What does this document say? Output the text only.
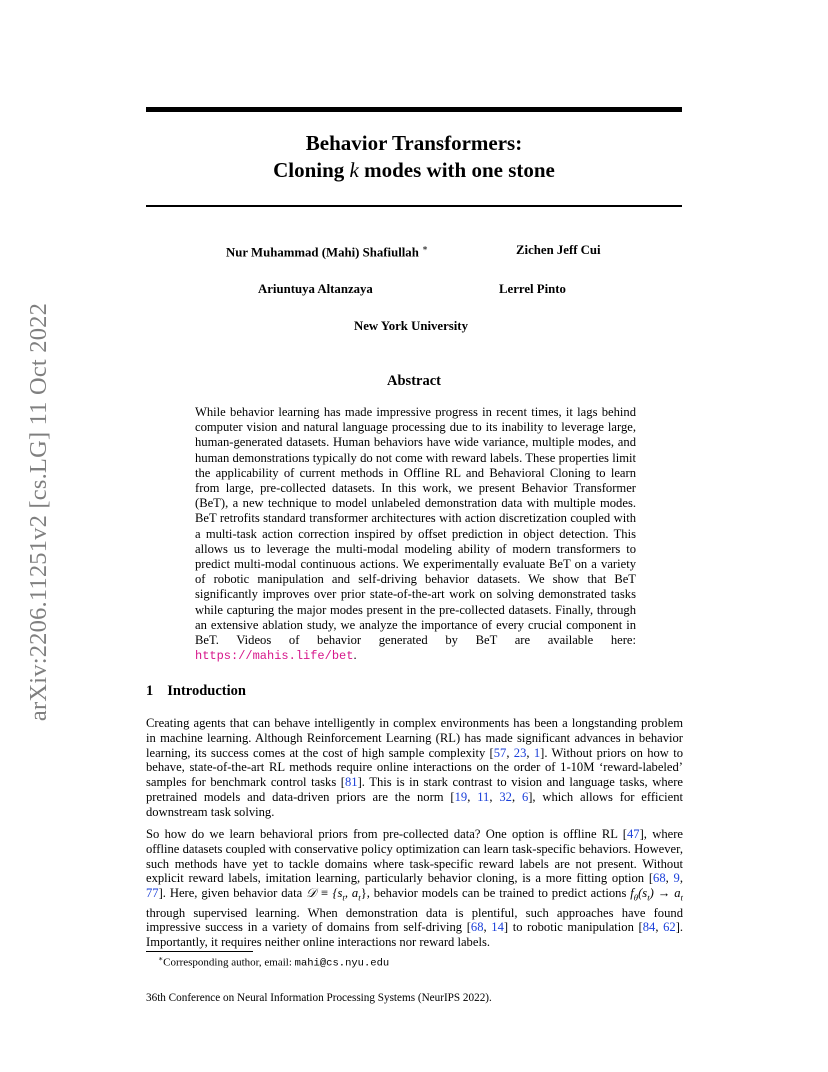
arXiv:2206.11251v2 [cs.LG] 11 Oct 2022
Behavior Transformers:
Cloning k modes with one stone
Nur Muhammad (Mahi) Shafiullah ∗	Zichen Jeff Cui
Ariuntuya Altanzaya	Lerrel Pinto
New York University
Abstract
While behavior learning has made impressive progress in recent times, it lags behind computer vision and natural language processing due to its inability to leverage large, human-generated datasets. Human behaviors have wide variance, multiple modes, and human demonstrations typically do not come with reward labels. These properties limit the applicability of current methods in Offline RL and Behavioral Cloning to learn from large, pre-collected datasets. In this work, we present Behavior Transformer (BeT), a new technique to model unlabeled demonstration data with multiple modes. BeT retrofits standard transformer architectures with action discretization coupled with a multi-task action correction inspired by offset prediction in object detection. This allows us to leverage the multi-modal modeling ability of modern transformers to predict multi-modal continuous actions. We experimentally evaluate BeT on a variety of robotic manipulation and self-driving behavior datasets. We show that BeT significantly improves over prior state-of-the-art work on solving demonstrated tasks while capturing the major modes present in the pre-collected datasets. Finally, through an extensive ablation study, we analyze the importance of every crucial component in BeT. Videos of behavior generated by BeT are available here: https://mahis.life/bet.
1 Introduction
Creating agents that can behave intelligently in complex environments has been a longstanding problem in machine learning. Although Reinforcement Learning (RL) has made significant advances in behavior learning, its success comes at the cost of high sample complexity [57, 23, 1]. Without priors on how to behave, state-of-the-art RL methods require online interactions on the order of 1-10M ‘reward-labeled’ samples for benchmark control tasks [81]. This is in stark contrast to vision and language tasks, where pretrained models and data-driven priors are the norm [19, 11, 32, 6], which allows for efficient downstream task solving.
So how do we learn behavioral priors from pre-collected data? One option is offline RL [47], where offline datasets coupled with conservative policy optimization can learn task-specific behaviors. However, such methods have yet to tackle domains where task-specific reward labels are not present. Without explicit reward labels, imitation learning, particularly behavior cloning, is a more fitting option [68, 9, 77]. Here, given behavior data 𝒟 ≡ {$s_t$, $a_t$}, behavior models can be trained to predict actions $f_\theta(s_t) \to a_t$ through supervised learning. When demonstration data is plentiful, such approaches have found impressive success in a variety of domains from self-driving [68, 14] to robotic manipulation [84, 62]. Importantly, it requires neither online interactions nor reward labels.
∗Corresponding author, email: mahi@cs.nyu.edu
36th Conference on Neural Information Processing Systems (NeurIPS 2022).
